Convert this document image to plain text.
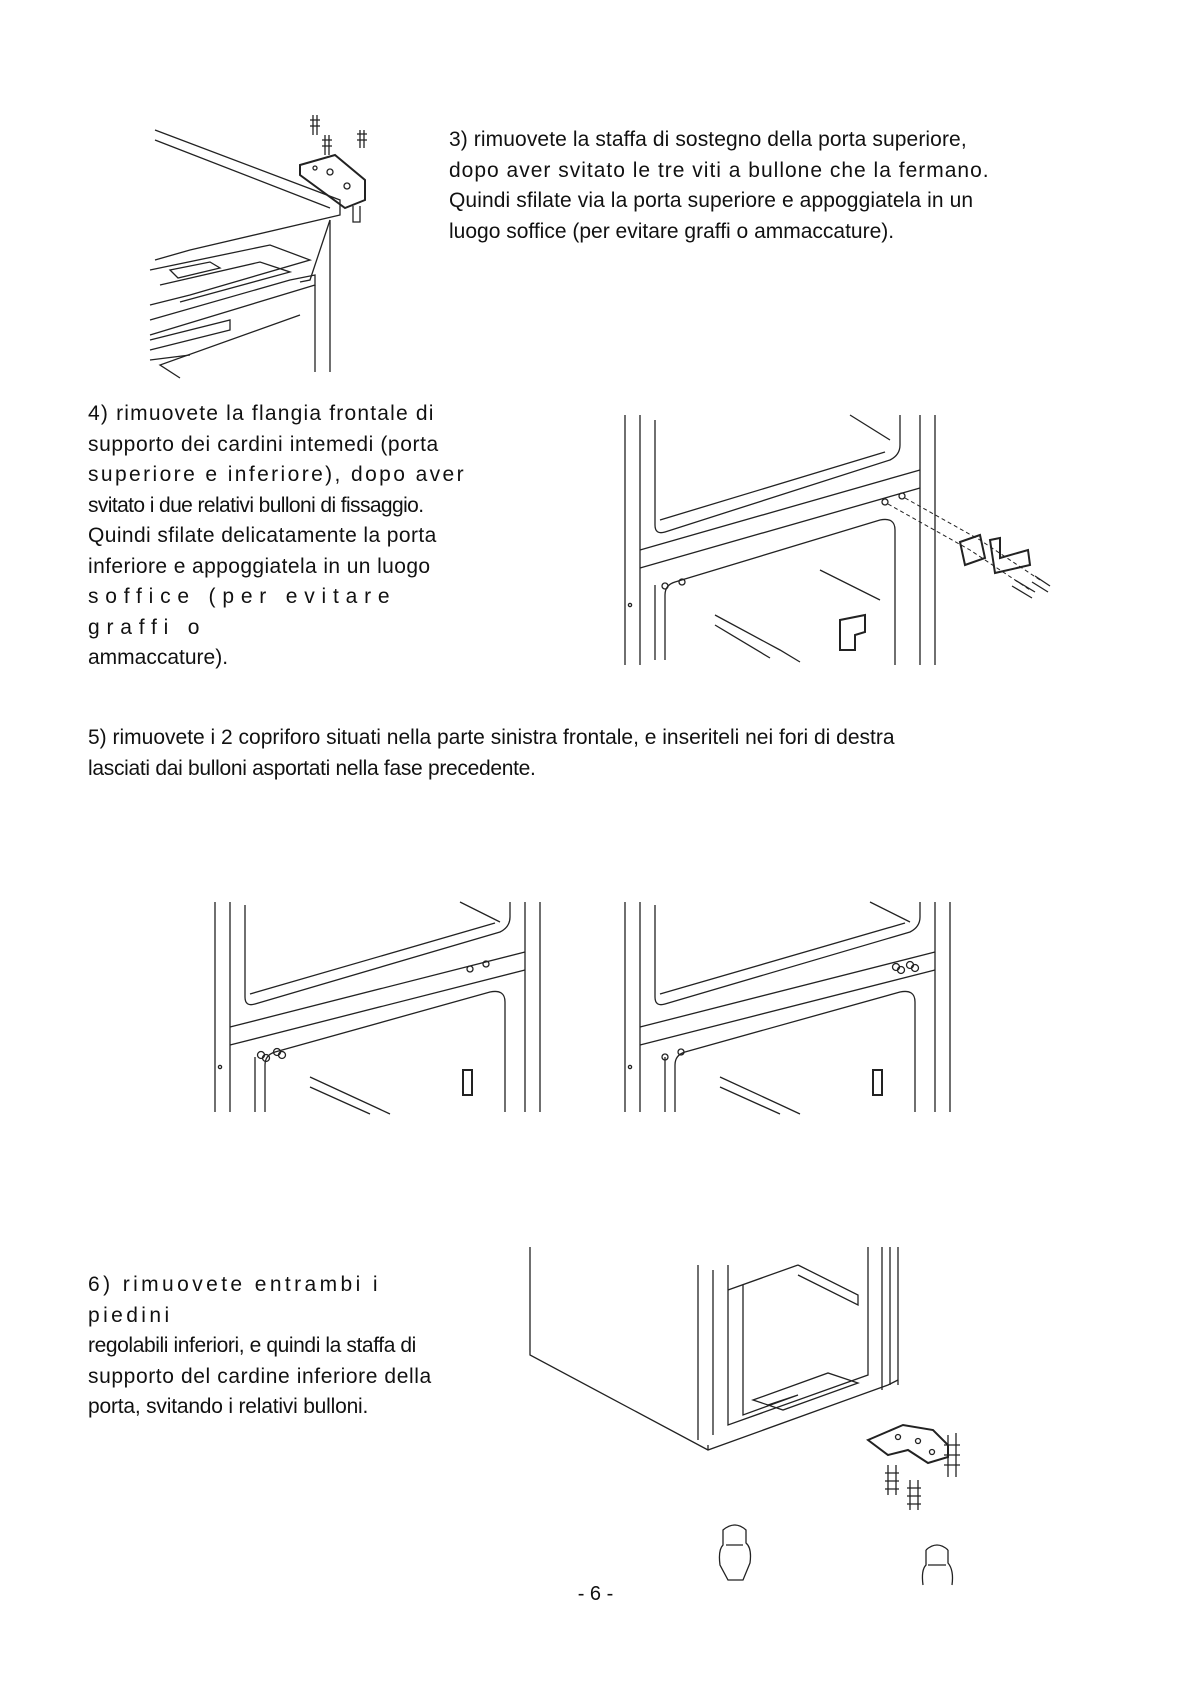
3) rimuovete la staffa di sostegno della porta superiore,
dopo aver svitato le tre viti a bullone che la fermano.
Quindi sfilate via la porta superiore e appoggiatela in un
luogo soffice (per evitare graffi o ammaccature).

4) rimuovete la flangia frontale di
supporto dei cardini intemedi (porta
superiore e inferiore), dopo aver
svitato i due relativi bulloni di fissaggio.
Quindi sfilate delicatamente la porta
inferiore e appoggiatela in un luogo
soffice (per evitare graffi o
ammaccature).

5) rimuovete i 2 copriforo situati nella parte sinistra frontale, e inseriteli nei fori di destra
lasciati dai bulloni asportati nella fase precedente.

6) rimuovete entrambi i piedini
regolabili inferiori, e quindi la staffa di
supporto del cardine inferiore della
porta, svitando i relativi bulloni.

- 6 -
